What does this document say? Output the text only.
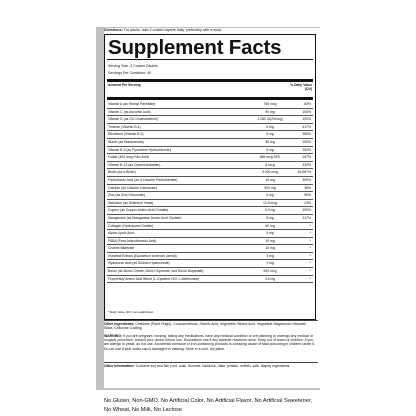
Directions: For adults, take 3 coated caplets daily, preferably with a meal.
Supplement Facts
Serving Size: 3 Coated Caplets
Servings Per Container: 40
Amount Per Serving	% Daily Value (DV)
Vitamin A (as Retinyl Palmitate)	750 mcg	83%
Vitamin C (as Ascorbic Acid)	90 mg	100%
Vitamin D (as D3 Cholecalciferol)	1,280 IU(20mcg)	100%
Thiamin (Vitamin B-1)	5 mg	417%
Riboflavin (Vitamin B-2)	5 mg	385%
Niacin (as Niacinamide)	35 mg	150%
Vitamin B-6 (as Pyridoxine Hydrochloride)	5 mg	294%
Folate (400 mcg Folic Acid)	666 mcg DFE	167%
Vitamin B-12 (as Cyanocobalamin)	8 mcg	333%
Biotin (as d-Biotin)	5,000 mcg	16,667%
Pantothenic Acid (as d-Calcium Pantothenate)	15 mg	300%
Calcium (as Calcium Carbonate)	500 mg	38%
Zinc (as Zinc Gluconate)	6 mg	55%
Selenium (as Selenium Yeast)	12.5 mcg	23%
Copper (as Copper Amino Acid Chelate)	0.9 mg	100%
Manganese (as Manganese Amino Acid Chelate)	5 mg	217%
Collagen (Hydrolyzed Gelatin)	60 mg	*
Alpha Lipoic Acid	5 mg	*
PABA (Para Aminobenzoic Acid)	10 mg	*
Choline Bitartrate	10 mg	*
Horsetail Extract (Equisetum arvense) (aerial)	3 mg	*
Hyaluronic Acid (as Sodium Hyaluronate)	1 mg	*
Boron (as Boron Citrate, Boron Glycinate, and Boron Aspartate)	500 mcg	*
Proprietary Amino Acid Blend (L-Cysteine HCl, L-Methionine)	3.5 mg	*
* Daily Value (DV) not established.
Other Ingredients: Cellulose (Plant Origin), Croscarmellose, Stearic Acid, Vegetable Stearic Acid, Vegetable Magnesium Stearate, Silica, Cellulose Coating
WARNING: If you are pregnant, nursing, taking any medications, have any medical condition or are planning to undergo any medical or surgical procedure, consult your doctor before use. Discontinue use if any adverse reactions occur. Keep out of reach of children. If you are allergic to yeast, do not use. Accidental overdose of iron-containing products is a leading cause of fatal poisoning in children under 6. Do not use if seal under cap is damaged or missing. Store in a cool, dry place.
Other Information: Contains soy and fish (cod, cusk, flounder, haddock, hake, pollack, redfish, sole, tilapia) ingredients.
No Gluten, Non-GMO, No Artificial Color, No Artificial Flavor, No Artificial Sweetener, No Wheat, No Milk, No Lactose
